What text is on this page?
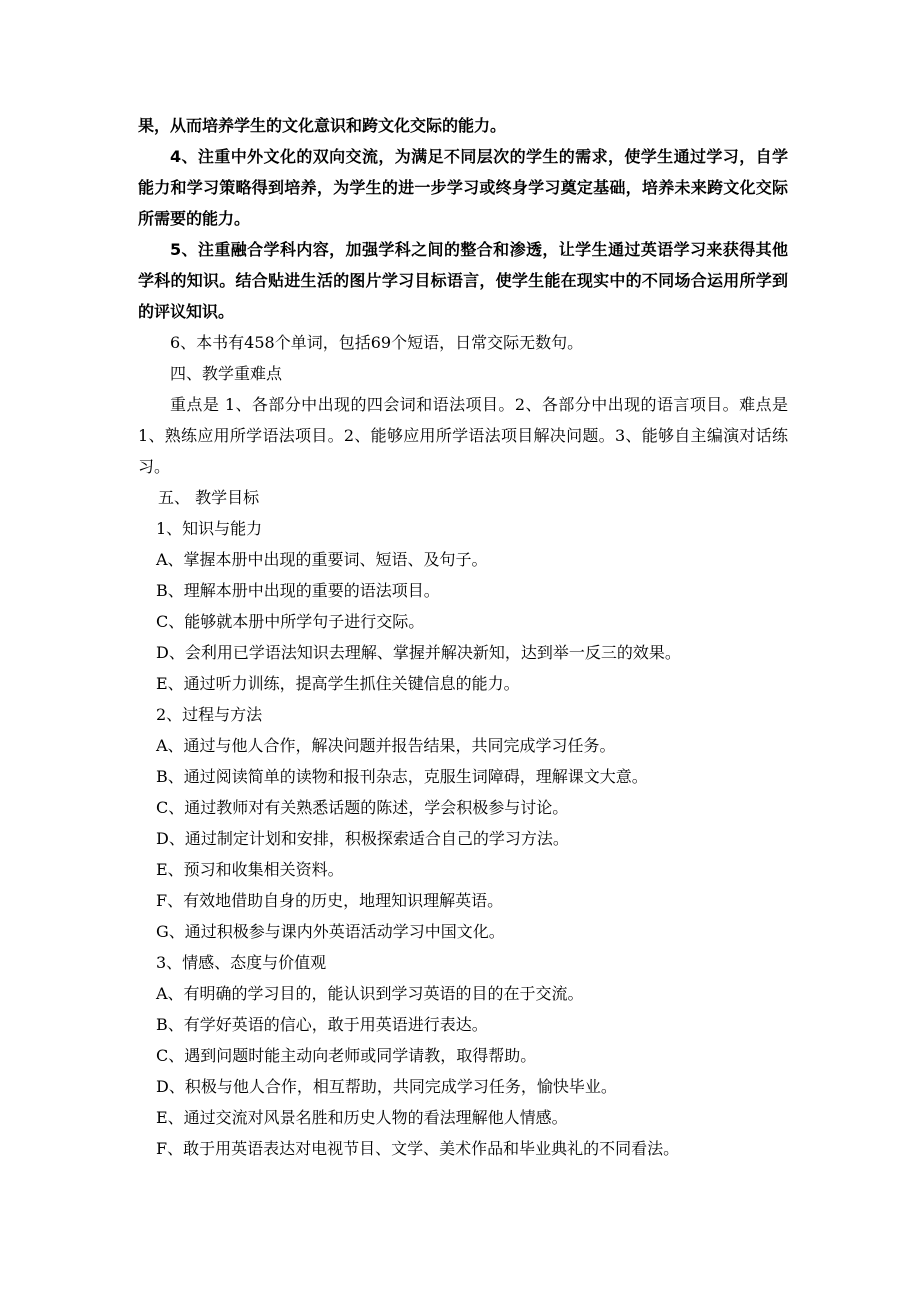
果，从而培养学生的文化意识和跨文化交际的能力。

4、注重中外文化的双向交流，为满足不同层次的学生的需求，使学生通过学习，自学能力和学习策略得到培养，为学生的进一步学习或终身学习奠定基础，培养未来跨文化交际所需要的能力。

5、注重融合学科内容，加强学科之间的整合和渗透，让学生通过英语学习来获得其他学科的知识。结合贴进生活的图片学习目标语言，使学生能在现实中的不同场合运用所学到的评议知识。

6、本书有458个单词，包括69个短语，日常交际无数句。

四、教学重难点

重点是 1、各部分中出现的四会词和语法项目。2、各部分中出现的语言项目。难点是 1、熟练应用所学语法项目。2、能够应用所学语法项目解决问题。3、能够自主编演对话练习。

五、 教学目标

1、知识与能力

A、掌握本册中出现的重要词、短语、及句子。

B、理解本册中出现的重要的语法项目。

C、能够就本册中所学句子进行交际。

D、会利用已学语法知识去理解、掌握并解决新知，达到举一反三的效果。

E、通过听力训练，提高学生抓住关键信息的能力。

2、过程与方法

A、通过与他人合作，解决问题并报告结果，共同完成学习任务。

B、通过阅读简单的读物和报刊杂志，克服生词障碍，理解课文大意。

C、通过教师对有关熟悉话题的陈述，学会积极参与讨论。

D、通过制定计划和安排，积极探索适合自己的学习方法。

E、预习和收集相关资料。

F、有效地借助自身的历史，地理知识理解英语。

G、通过积极参与课内外英语活动学习中国文化。

3、情感、态度与价值观

A、有明确的学习目的，能认识到学习英语的目的在于交流。

B、有学好英语的信心，敢于用英语进行表达。

C、遇到问题时能主动向老师或同学请教，取得帮助。

D、积极与他人合作，相互帮助，共同完成学习任务，愉快毕业。

E、通过交流对风景名胜和历史人物的看法理解他人情感。

F、敢于用英语表达对电视节目、文学、美术作品和毕业典礼的不同看法。
